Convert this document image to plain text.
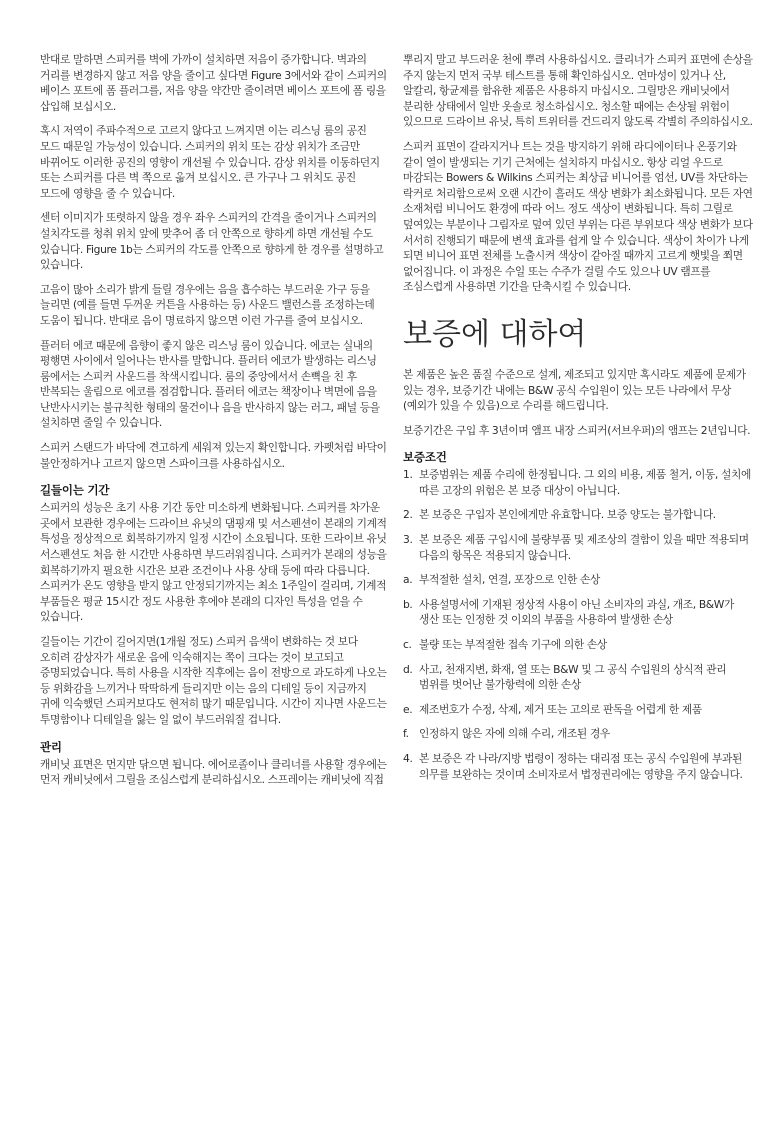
반대로 말하면 스피커를 벽에 가까이 설치하면 저음이 증가합니다. 벽과의 거리를 변경하지 않고 저음 양을 줄이고 싶다면 Figure 3에서와 같이 스피커의 베이스 포트에 폼 플러그를, 저음 양을 약간만 줄이려면 베이스 포트에 폼 링을 삽입해 보십시오.

혹시 저역이 주파수적으로 고르지 않다고 느껴지면 이는 리스닝 룸의 공진 모드 때문일 가능성이 있습니다. 스피커의 위치 또는 감상 위치가 조금만 바뀌어도 이러한 공진의 영향이 개선될 수 있습니다. 감상 위치를 이동하던지 또는 스피커를 다른 벽 쪽으로 옮겨 보십시오. 큰 가구나 그 위치도 공진 모드에 영향을 줄 수 있습니다.

센터 이미지가 또렷하지 않을 경우 좌우 스피커의 간격을 줄이거나 스피커의 설치각도를 청취 위치 앞에 맞추어 좀 더 안쪽으로 향하게 하면 개선될 수도 있습니다. Figure 1b는 스피커의 각도를 안쪽으로 향하게 한 경우를 설명하고 있습니다.

고음이 많아 소리가 밝게 들릴 경우에는 음을 흡수하는 부드러운 가구 등을 늘리면 (예를 들면 두꺼운 커튼을 사용하는 등) 사운드 밸런스를 조정하는데 도움이 됩니다. 반대로 음이 명료하지 않으면 이런 가구를 줄여 보십시오.

플러터 에코 때문에 음향이 좋지 않은 리스닝 룸이 있습니다. 에코는 실내의 평행면 사이에서 일어나는 반사를 말합니다. 플러터 에코가 발생하는 리스닝 룸에서는 스피커 사운드를 착색시킵니다. 룸의 중앙에서서 손뼉을 친 후 반복되는 울림으로 에코를 점검합니다. 플러터 에코는 책장이나 벽면에 음을 난반사시키는 불규칙한 형태의 물건이나 음을 반사하지 않는 러그, 패널 등을 설치하면 줄일 수 있습니다.

스피커 스탠드가 바닥에 견고하게 세워져 있는지 확인합니다. 카펫처럼 바닥이 불안정하거나 고르지 않으면 스파이크를 사용하십시오.

길들이는 기간

스피커의 성능은 초기 사용 기간 동안 미소하게 변화됩니다. 스피커를 차가운 곳에서 보관한 경우에는 드라이브 유닛의 댐핑재 및 서스펜션이 본래의 기계적 특성을 정상적으로 회복하기까지 일정 시간이 소요됩니다. 또한 드라이브 유닛 서스펜션도 처음 한 시간만 사용하면 부드러워집니다. 스피커가 본래의 성능을 회복하기까지 필요한 시간은 보관 조건이나 사용 상태 등에 따라 다릅니다. 스피커가 온도 영향을 받지 않고 안정되기까지는 최소 1주일이 걸리며, 기계적 부품들은 평균 15시간 정도 사용한 후에야 본래의 디자인 특성을 얻을 수 있습니다.

길들이는 기간이 길어지면(1개월 정도) 스피커 음색이 변화하는 것 보다 오히려 감상자가 새로운 음에 익숙해지는 쪽이 크다는 것이 보고되고 증명되었습니다. 특히 사용을 시작한 직후에는 음이 전방으로 과도하게 나오는 등 위화감을 느끼거나 딱딱하게 들리지만 이는 음의 디테일 등이 지금까지 귀에 익숙했던 스피커보다도 현저히 많기 때문입니다. 시간이 지나면 사운드는 투명함이나 디테일을 잃는 일 없이 부드러워질 겁니다.

관리

캐비닛 표면은 먼지만 닦으면 됩니다. 에어로졸이나 클리너를 사용할 경우에는 먼저 캐비닛에서 그릴을 조심스럽게 분리하십시오. 스프레이는 캐비닛에 직접

뿌리지 말고 부드러운 천에 뿌려 사용하십시오. 클리너가 스피커 표면에 손상을 주지 않는지 먼저 국부 테스트를 통해 확인하십시오. 연마성이 있거나 산, 알칼리, 항균제를 함유한 제품은 사용하지 마십시오. 그릴망은 캐비닛에서 분리한 상태에서 일반 옷솔로 청소하십시오. 청소할 때에는 손상될 위험이 있으므로 드라이브 유닛, 특히 트위터를 건드리지 않도록 각별히 주의하십시오.

스피커 표면이 갈라지거나 트는 것을 방지하기 위해 라디에이터나 온풍기와 같이 열이 발생되는 기기 근처에는 설치하지 마십시오. 항상 리얼 우드로 마감되는 Bowers & Wilkins 스피커는 최상급 비니어를 엄선, UV를 차단하는 락커로 처리함으로써 오랜 시간이 흘러도 색상 변화가 최소화됩니다. 모든 자연 소재처럼 비니어도 환경에 따라 어느 정도 색상이 변화됩니다. 특히 그릴로 덮여있는 부분이나 그림자로 덮여 있던 부위는 다른 부위보다 색상 변화가 보다 서서히 진행되기 때문에 변색 효과를 쉽게 알 수 있습니다. 색상이 차이가 나게 되면 비니어 표면 전체를 노출시켜 색상이 같아질 때까지 고르게 햇빛을 쬐면 없어집니다. 이 과정은 수일 또는 수주가 걸릴 수도 있으나 UV 램프를 조심스럽게 사용하면 기간을 단축시킬 수 있습니다.

보증에 대하여

본 제품은 높은 품질 수준으로 설계, 제조되고 있지만 혹시라도 제품에 문제가 있는 경우, 보증기간 내에는 B&W 공식 수입원이 있는 모든 나라에서 무상(예외가 있을 수 있음)으로 수리를 해드립니다.

보증기간은 구입 후 3년이며 앰프 내장 스피커(서브우퍼)의 앰프는 2년입니다.

보증조건
1. 보증범위는 제품 수리에 한정됩니다. 그 외의 비용, 제품 철거, 이동, 설치에 따른 고장의 위험은 본 보증 대상이 아닙니다.
2. 본 보증은 구입자 본인에게만 유효합니다. 보증 양도는 불가합니다.
3. 본 보증은 제품 구입시에 불량부품 및 제조상의 결함이 있을 때만 적용되며 다음의 항목은 적용되지 않습니다.
a. 부적절한 설치, 연결, 포장으로 인한 손상
b. 사용설명서에 기재된 정상적 사용이 아닌 소비자의 과실, 개조, B&W가 생산 또는 인정한 것 이외의 부품을 사용하여 발생한 손상
c. 불량 또는 부적절한 접속 기구에 의한 손상
d. 사고, 천재지변, 화재, 열 또는 B&W 및 그 공식 수입원의 상식적 관리 범위를 벗어난 불가항력에 의한 손상
e. 제조번호가 수정, 삭제, 제거 또는 고의로 판독을 어렵게 한 제품
f. 인정하지 않은 자에 의해 수리, 개조된 경우
4. 본 보증은 각 나라/지방 법령이 정하는 대리점 또는 공식 수입원에 부과된 의무를 보완하는 것이며 소비자로서 법정권리에는 영향을 주지 않습니다.
